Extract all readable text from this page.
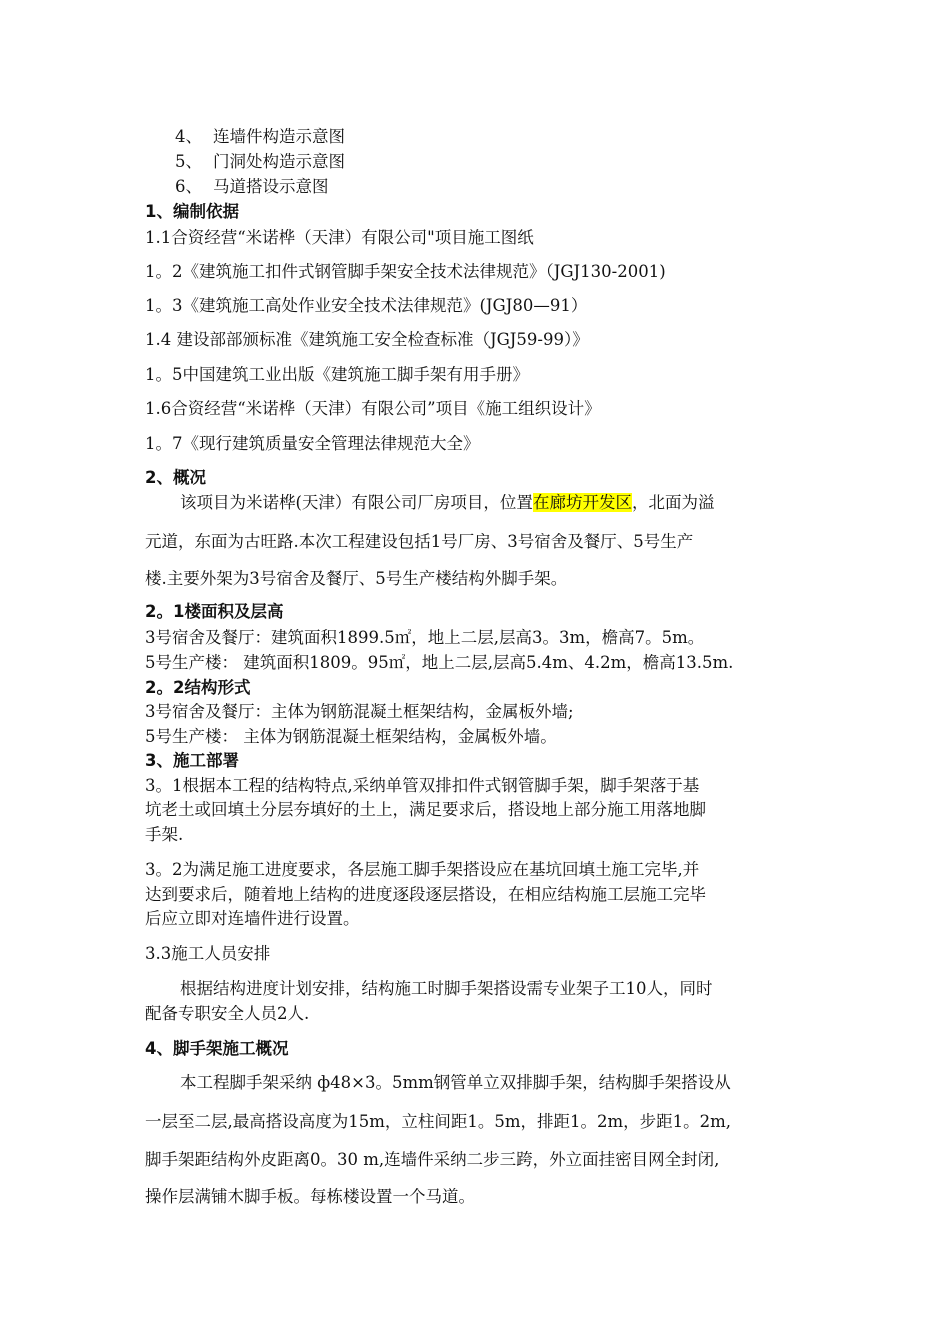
4、 连墙件构造示意图
5、 门洞处构造示意图
6、 马道搭设示意图
1、编制依据
1.1合资经营“米诺桦（天津）有限公司"项目施工图纸
1。2《建筑施工扣件式钢管脚手架安全技术法律规范》（JGJ130-2001)
1。3《建筑施工高处作业安全技术法律规范》(JGJ80—91）
1.4 建设部部颁标准《建筑施工安全检查标准（JGJ59-99）》
1。5中国建筑工业出版《建筑施工脚手架有用手册》
1.6合资经营“米诺桦（天津）有限公司”项目《施工组织设计》
1。7《现行建筑质量安全管理法律规范大全》
2、概况
该项目为米诺桦(天津）有限公司厂房项目，位置在廊坊开发区，北面为溢
元道，东面为古旺路.本次工程建设包括1号厂房、3号宿舍及餐厅、5号生产
楼.主要外架为3号宿舍及餐厅、5号生产楼结构外脚手架。
2。1楼面积及层高
3号宿舍及餐厅：建筑面积1899.5㎡，地上二层,层高3。3m，檐高7。5m。
5号生产楼： 建筑面积1809。95㎡，地上二层,层高5.4m、4.2m，檐高13.5m.
2。2结构形式
3号宿舍及餐厅：主体为钢筋混凝土框架结构，金属板外墙;
5号生产楼： 主体为钢筋混凝土框架结构，金属板外墙。
3、施工部署
3。1根据本工程的结构特点,采纳单管双排扣件式钢管脚手架，脚手架落于基
坑老土或回填土分层夯填好的土上，满足要求后，搭设地上部分施工用落地脚
手架.
3。2为满足施工进度要求，各层施工脚手架搭设应在基坑回填土施工完毕,并
达到要求后，随着地上结构的进度逐段逐层搭设，在相应结构施工层施工完毕
后应立即对连墙件进行设置。
3.3施工人员安排
根据结构进度计划安排，结构施工时脚手架搭设需专业架子工10人，同时
配备专职安全人员2人.
4、脚手架施工概况
本工程脚手架采纳 ф48×3。5mm钢管单立双排脚手架，结构脚手架搭设从
一层至二层,最高搭设高度为15m，立柱间距1。5m，排距1。2m，步距1。2m,
脚手架距结构外皮距离0。30 m,连墙件采纳二步三跨，外立面挂密目网全封闭,
操作层满铺木脚手板。每栋楼设置一个马道。
